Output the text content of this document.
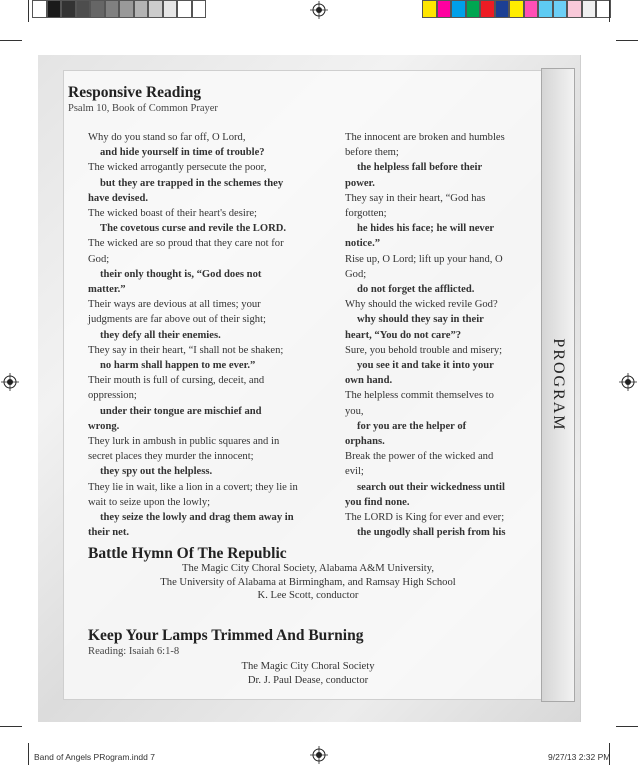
PROGRAM
Responsive Reading
Psalm 10, Book of Common Prayer

Why do you stand so far off, O Lord,

and hide yourself in time of trouble?

The wicked arrogantly persecute the poor,

but they are trapped in the schemes they

have devised.

The wicked boast of their heart's desire;

The covetous curse and revile the LORD.

The wicked are so proud that they care not for

God;

their only thought is, “God does not

matter.”

Their ways are devious at all times; your

judgments are far above out of their sight;

they defy all their enemies.

They say in their heart, “I shall not be shaken;

no harm shall happen to me ever.”

Their mouth is full of cursing, deceit, and

oppression;

under their tongue are mischief and

wrong.

They lurk in ambush in public squares and in

secret places they murder the innocent;

they spy out the helpless.

They lie in wait, like a lion in a covert; they lie in

wait to seize upon the lowly;

they seize the lowly and drag them away in

their net.

The innocent are broken and humbles

before them;

the helpless fall before their

power.

They say in their heart, “God has

forgotten;

he hides his face; he will never

notice.”

Rise up, O Lord; lift up your hand, O

God;

do not forget the afflicted.

Why should the wicked revile God?

why should they say in their

heart, “You do not care”?

Sure, you behold trouble and misery;

you see it and take it into your

own hand.

The helpless commit themselves to

you,

for you are the helper of

orphans.

Break the power of the wicked and

evil;

search out their wickedness until

you find none.

The LORD is King for ever and ever;

the ungodly shall perish from his

Battle Hymn Of The Republic
The Magic City Choral Society, Alabama A&M University,
The University of Alabama at Birmingham, and Ramsay High School
K. Lee Scott, conductor
Keep Your Lamps Trimmed And Burning
Reading: Isaiah 6:1-8
The Magic City Choral Society
Dr. J. Paul Dease, conductor
Band of Angels PRogram.indd 7	9/27/13 2:32 PM
